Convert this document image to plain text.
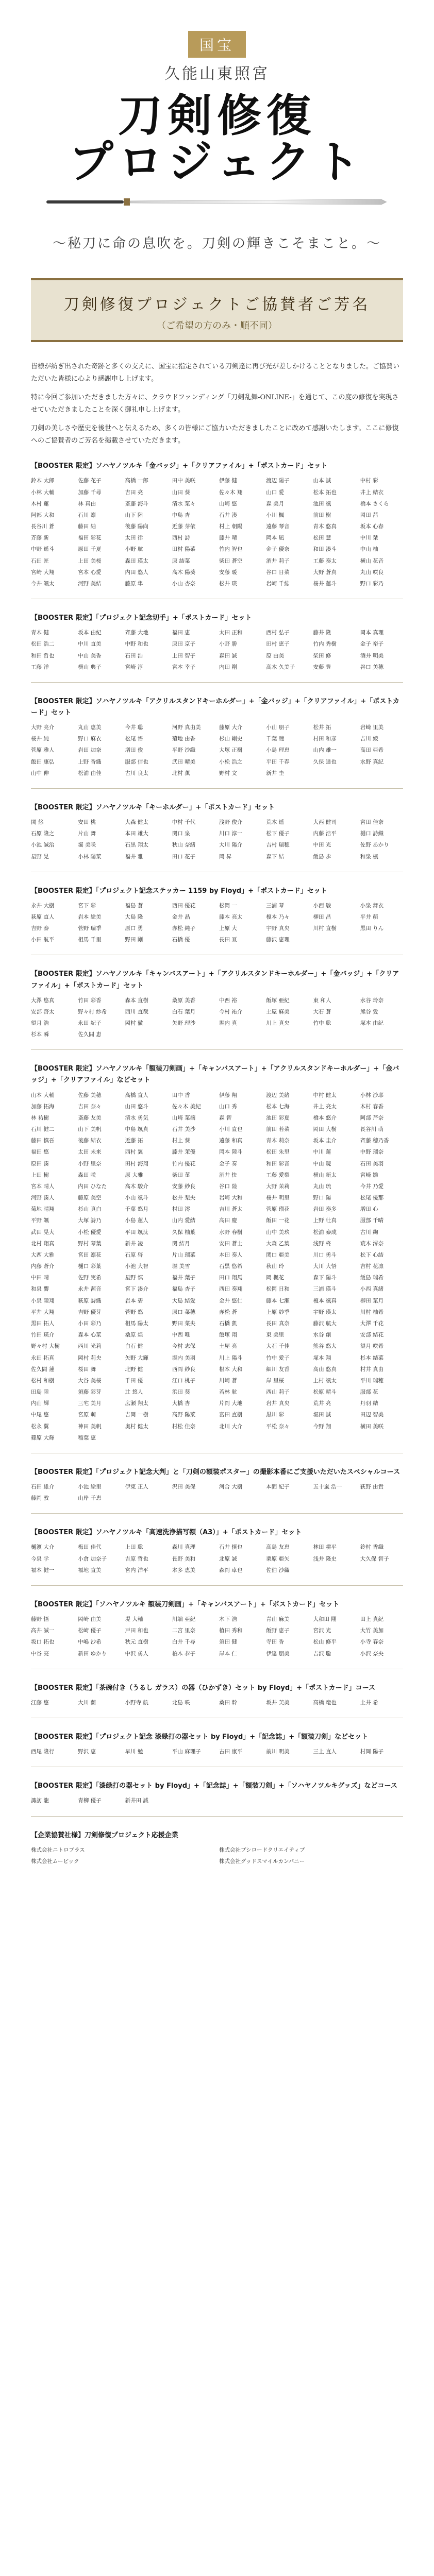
国宝
久能山東照宮
刀剣修復
プロジェクト
〜秘刀に命の息吹を。刀剣の輝きこそまこと。〜
刀剣修復プロジェクトご協賛者ご芳名
（ご希望の方のみ・順不同）

皆様が紡ぎ出された奇跡と多くの支えに、国宝に指定されている刀剣達に再び光が差しかけることとなりました。ご協賛いただいた皆様に心より感謝申し上げます。

特に今回ご参加いただきました方々に、クラウドファンディング「刀剣乱舞-ONLINE-」を通じて、この度の修復を実現させていただきましたことを深く御礼申し上げます。

刀剣の美しさや歴史を後世へと伝えるため、多くの皆様にご協力いただきましたことに改めて感謝いたします。ここに修復へのご協賛者のご芳名を掲載させていただきます。

【BOOSTER 限定】ソハヤノツルキ「金バッジ」+「クリアファイル」+「ポストカード」セット
鈴木 太郎	佐藤 花子	高橋 一郎	田中 美咲	伊藤 健	渡辺 陽子	山本 誠	中村 彩
小林 大輔	加藤 千尋	吉田 亮	山田 葵	佐々木 翔	山口 愛	松本 拓也	井上 結衣
木村 蓮	林 真由	斎藤 海斗	清水 菜々	山崎 悠	森 美月	池田 颯	橋本 さくら
阿部 大和	石川 凛	山下 陸	中島 杏	石井 湊	小川 楓	前田 樹	岡田 茜
長谷川 蒼	藤田 紬	後藤 陽向	近藤 芽依	村上 朝陽	遠藤 琴音	青木 悠真	坂本 心春
斉藤 新	福田 彩花	太田 律	西村 詩	藤井 晴	岡本 凪	松田 慧	中川 栞
中野 遥斗	原田 千夏	小野 航	田村 陽菜	竹内 智也	金子 優奈	和田 湊斗	中山 柚
石田 匠	上田 美桜	森田 瑛太	原 結菜	柴田 蒼空	酒井 莉子	工藤 奏太	横山 花音
宮崎 大翔	宮本 心愛	内田 悠人	高木 陽葵	安藤 暖	谷口 日菜	大野 蒼真	丸山 咲良
今井 颯太	河野 美結	藤原 隼	小山 杏奈	松井 瑛	岩崎 千紘	桜井 蓮斗	野口 彩乃
【BOOSTER 限定】「プロジェクト記念切手」+「ポストカード」セット
青木 健	坂本 由紀	斉藤 大地	福田 恵	太田 正和	西村 弘子	藤井 隆	岡本 真理
松田 浩二	中川 直美	中野 和也	原田 京子	小野 勝	田村 恵子	竹内 秀樹	金子 裕子
和田 哲也	中山 美香	石田 浩	上田 智子	森田 誠	原 由美	柴田 修	酒井 明美
工藤 洋	横山 典子	宮崎 淳	宮本 幸子	内田 剛	高木 久美子	安藤 豊	谷口 美穂
【BOOSTER 限定】ソハヤノツルキ「アクリルスタンドキーホルダー」+「金バッジ」+「クリアファイル」+「ポストカード」セット
大野 亮介	丸山 恵美	今井 聡	河野 真由美	藤原 大介	小山 朋子	松井 拓	岩崎 里美
桜井 純	野口 麻衣	松尾 悟	菊地 由香	杉山 剛史	千葉 瞳	村田 和彦	吉川 綾
菅原 雅人	岩田 加奈	増田 俊	平野 沙織	大塚 正樹	小島 理恵	山内 雄一	高田 亜希
飯田 康弘	上野 香織	服部 信也	武田 晴美	小松 浩之	平田 千春	久保 達也	水野 真紀
山中 伸	松浦 由佳	古川 良太	北村 薫	野村 文	新井 圭
【BOOSTER 限定】ソハヤノツルキ「キーホルダー」+「ポストカード」セット
関 悠	安田 桃	大森 健太	中村 千代	浅野 俊介	荒木 遥	大西 健司	宮田 佳奈
石原 隆之	片山 舞	本田 雄大	関口 泉	川口 淳一	松下 優子	内藤 浩平	樋口 詩織
小池 誠治	堀 美咲	石黒 翔太	秋山 奈緒	大川 陽介	吉村 瑞穂	中田 光	佐野 あかり
星野 晃	小林 陽菜	福井 雅	田口 花子	岡 昇	森下 結	飯島 歩	和泉 楓
【BOOSTER 限定】「プロジェクト記念ステッカー 1159 by Floyd」+「ポストカード」セット
永井 大樹	宮下 彩	福島 蒼	西田 優花	松岡 一	三浦 琴	小西 駿	小泉 舞衣
萩原 直人	岩本 絵美	大島 隆	金井 晶	藤本 亮太	榎本 乃々	柳田 昌	平井 萌
吉野 泰	菅野 瑞季	原口 勇	赤松 純子	上原 大	宇野 真央	川村 直樹	黒田 りん
小田 航平	相馬 千里	野田 剛	石橋 優	長田 亘	藤沢 恵理
【BOOSTER 限定】ソハヤノツルキ「キャンバスアート」+「アクリルスタンドキーホルダー」+「金バッジ」+「クリアファイル」+「ポストカード」セット
大澤 悠真	竹田 彩香	森本 直樹	桑原 美香	中西 裕	飯塚 亜紀	東 和人	水谷 玲奈
安部 啓太	野々村 紗希	西川 直哉	白石 葉月	今村 祐介	土屋 麻美	大石 蒼	熊谷 愛
望月 浩	永田 紀子	岡村 徹	矢野 理沙	堀内 真	川上 真央	竹中 聡	塚本 由紀
杉本 瞬	佐久間 恵
【BOOSTER 限定】ソハヤノツルキ「額装刀剣画」+「キャンバスアート」+「アクリルスタンドキーホルダー」+「金バッジ」+「クリアファイル」などセット
山本 大輔	佐藤 美穂	高橋 直人	田中 香	伊藤 翔	渡辺 美緒	中村 健太	小林 沙耶
加藤 拓海	吉田 奈々	山田 悠斗	佐々木 美紀	山口 秀	松本 七海	井上 亮太	木村 春香
林 祐樹	斎藤 友美	清水 勇気	山崎 菜摘	森 智	池田 彩夏	橋本 悠介	阿部 芹奈
石川 健二	山下 美帆	中島 颯真	石井 美沙	小川 直也	前田 若菜	岡田 大樹	長谷川 萌
藤田 慎吾	後藤 結衣	近藤 拓	村上 葵	遠藤 和真	青木 莉奈	坂本 圭介	斉藤 穂乃香
福田 悠	太田 未来	西村 翼	藤井 茉優	岡本 陸斗	松田 朱里	中川 蓮	中野 瑠奈
原田 湊	小野 里奈	田村 海翔	竹内 優花	金子 奏	和田 彩音	中山 暁	石田 美羽
上田 樹	森田 咲	原 大雅	柴田 菫	酒井 快	工藤 愛梨	横山 新太	宮崎 雛
宮本 晴人	内田 ひなた	高木 駿介	安藤 紗良	谷口 陸	大野 茉莉	丸山 琉	今井 乃愛
河野 湊人	藤原 美空	小山 颯斗	松井 梨央	岩崎 大和	桜井 明里	野口 陽	松尾 優那
菊地 晴翔	杉山 真白	千葉 悠月	村田 澪	吉川 蒼太	菅原 瑠花	岩田 奏多	増田 心
平野 颯	大塚 詩乃	小島 蓮人	山内 愛結	高田 慶	飯田 一花	上野 壮真	服部 千晴
武田 晃大	小松 優愛	平田 颯汰	久保 柚葉	水野 春樹	山中 美玖	松浦 泰成	古川 絢
北村 翔真	野村 琴葉	新井 凌	関 結月	安田 蒼士	大森 乙葉	浅野 柊	荒木 澪奈
大西 大雅	宮田 凛花	石原 啓	片山 瑠菜	本田 奏人	関口 亜美	川口 勇斗	松下 心結
内藤 蒼介	樋口 彩葉	小池 大智	堀 美雪	石黒 悠希	秋山 玲	大川 大悟	吉村 花凛
中田 晴	佐野 実希	星野 慎	福井 葉子	田口 翔馬	岡 楓花	森下 陽斗	飯島 瑞希
和泉 響	永井 茜音	宮下 湊介	福島 杏子	西田 奏翔	松岡 日和	三浦 瑛斗	小西 真緒
小泉 陸翔	萩原 詩織	岩本 碧	大島 結愛	金井 悠仁	藤本 七瀬	榎本 颯真	柳田 菜月
平井 大翔	吉野 優芽	菅野 悠	原口 菜穂	赤松 蒼	上原 紗季	宇野 瑛太	川村 柚希
黒田 拓人	小田 彩乃	相馬 陽太	野田 菜央	石橋 凱	長田 真奈	藤沢 航大	大澤 千花
竹田 瑛介	森本 心菜	桑原 煌	中西 唯	飯塚 翔	東 美里	水谷 創	安部 結花
野々村 大樹	西川 光莉	白石 健	今村 志保	土屋 亮	大石 千佳	熊谷 悠大	望月 咲希
永田 拓真	岡村 莉央	矢野 大輝	堀内 美羽	川上 陽斗	竹中 愛子	塚本 翔	杉本 結菜
佐久間 蓮	桜田 舞	北野 健	西岡 紗良	根本 大和	細川 友香	高山 悠真	村井 真由
松村 和樹	大谷 美桜	千田 優	江口 桃子	川崎 蒼	岸 里桜	上村 颯太	平川 瑞穂
田島 陸	須藤 彩芽	辻 悠人	浜田 葵	若林 航	西山 莉子	松原 晴斗	服部 花
内山 輝	三宅 美月	広瀬 翔太	大橋 杏	片岡 大地	岩井 真央	荒井 亮	丹羽 結
中尾 悠	宮原 萌	吉岡 一樹	高野 陽菜	富田 直樹	黒川 彩	堀田 誠	田辺 智美
松永 翼	神田 美帆	奥村 健太	村松 佳奈	北川 大介	平松 奈々	今野 翔	横田 美咲
篠原 大輝	稲葉 恵
【BOOSTER 限定】「プロジェクト記念大判」と「刀剣の額装ポスター」の撮影本番にご支援いただいたスペシャルコース
石田 雄介	小池 絵里	伊東 正人	沢田 美保	河合 大樹	本間 紀子	五十嵐 浩一	荻野 由貴
藤岡 敦	山岸 千恵
【BOOSTER 限定】ソハヤノツルキ「高速洗浄描写額（A3）」+「ポストカード」セット
樋渡 大介	梅田 佳代	上田 聡	森川 真理	石井 慎也	高島 友恵	林田 耕平	鈴村 香織
今泉 学	小倉 加奈子	吉原 哲也	長野 美和	北原 誠	栗原 亜矢	浅井 隆史	大久保 智子
福本 健一	福地 直美	宮内 洋平	本多 恵美	森岡 卓也	佐伯 沙織
【BOOSTER 限定】「ソハヤノツルキ 額装刀剣画」+「キャンバスアート」+「ポストカード」セット
藤野 悟	岡崎 由美	堤 大輔	川端 亜紀	木下 浩	青山 麻美	大和田 剛	田上 真紀
高井 誠一	松崎 優子	戸田 和也	二宮 里奈	植田 秀和	飯野 恵子	宮沢 光	大竹 美加
坂口 拓也	中嶋 沙希	秋元 直樹	白井 千尋	須田 健	寺田 香	松山 修平	小寺 春奈
中谷 亮	新田 ゆかり	中沢 勇人	柏木 恭子	岸本 仁	伊達 朋美	吉沢 聡	小沢 奈央
【BOOSTER 限定】「茶碗付き（うるし ガラス）の器（ひかずき）セット by Floyd」+「ポストカード」コース
江藤 悠	大川 蘭	小野寺 航	北島 咲	桑田 幹	坂井 芙美	高橋 竜也	土井 希
【BOOSTER 限定】「プロジェクト記念 漆緑打の器セット by Floyd」+「記念誌」+「額装刀剣」などセット
西尾 隆行	野沢 恵	早川 勉	平山 麻理子	古田 康平	前川 明美	三上 直人	村岡 陽子
【BOOSTER 限定】「漆緑打の器セット by Floyd」+「記念誌」+「額装刀剣」+「ソハヤノツルキグッズ」などコース
諏訪 龍	青柳 優子	新井田 誠
【企業協賛社様】刀剣修復プロジェクト応援企業
株式会社ニトロプラス	株式会社ブシロードクリエイティブ
株式会社ムービック	株式会社グッドスマイルカンパニー
